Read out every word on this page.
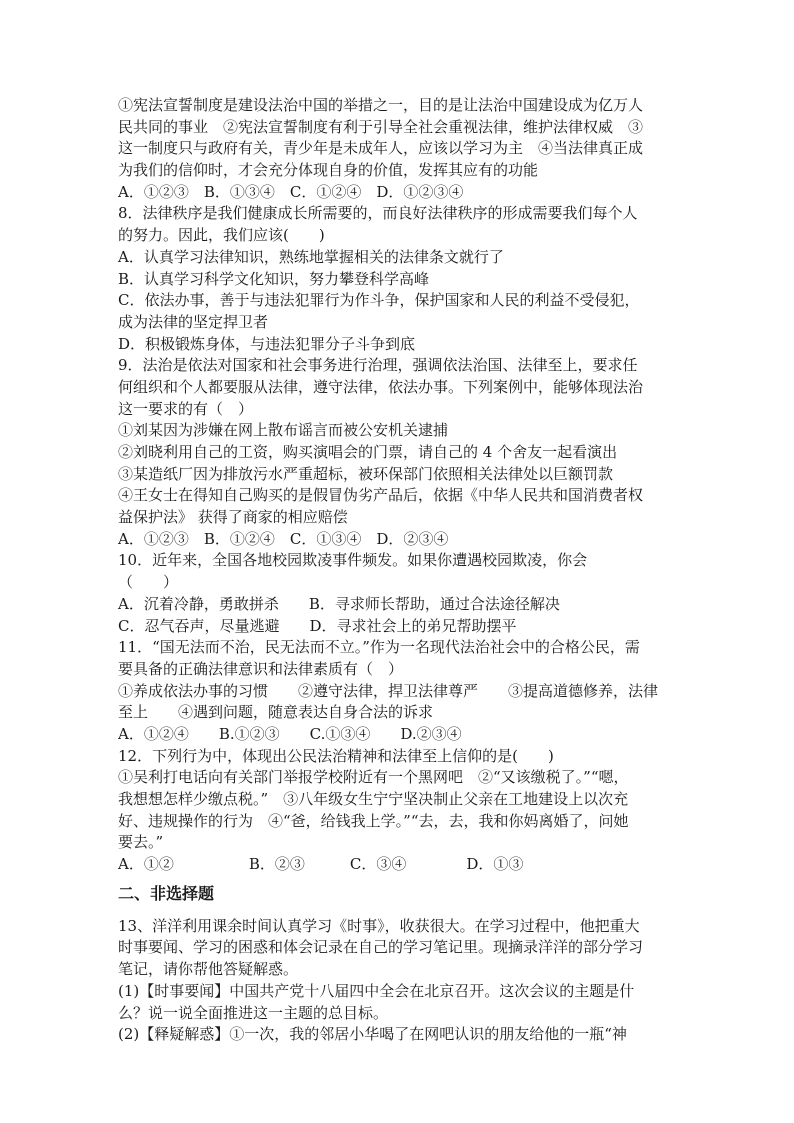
①宪法宣誓制度是建设法治中国的举措之一，目的是让法治中国建设成为亿万人
民共同的事业　②宪法宣誓制度有利于引导全社会重视法律，维护法律权威　③
这一制度只与政府有关，青少年是未成年人，应该以学习为主　④当法律真正成
为我们的信仰时，才会充分体现自身的价值，发挥其应有的功能
A．①②③　B．①③④　C．①②④　D．①②③④
8．法律秩序是我们健康成长所需要的，而良好法律秩序的形成需要我们每个人
的努力。因此，我们应该(　　)
A．认真学习法律知识，熟练地掌握相关的法律条文就行了
B．认真学习科学文化知识，努力攀登科学高峰
C．依法办事，善于与违法犯罪行为作斗争，保护国家和人民的利益不受侵犯，
成为法律的坚定捍卫者
D．积极锻炼身体，与违法犯罪分子斗争到底
9．法治是依法对国家和社会事务进行治理，强调依法治国、法律至上，要求任
何组织和个人都要服从法律，遵守法律，依法办事。下列案例中，能够体现法治
这一要求的有（　）
①刘某因为涉嫌在网上散布谣言而被公安机关逮捕
②刘晓利用自己的工资，购买演唱会的门票，请自己的 4 个舍友一起看演出
③某造纸厂因为排放污水严重超标，被环保部门依照相关法律处以巨额罚款
④王女士在得知自己购买的是假冒伪劣产品后，依据《中华人民共和国消费者权
益保护法》 获得了商家的相应赔偿
A．①②③　B．①②④　C．①③④　D．②③④
10．近年来，全国各地校园欺凌事件频发。如果你遭遇校园欺凌，你会
（　　）
A．沉着冷静，勇敢拼杀　　B．寻求师长帮助，通过合法途径解决
C．忍气吞声，尽量逃避　　D．寻求社会上的弟兄帮助摆平
11．“国无法而不治，民无法而不立。”作为一名现代法治社会中的合格公民，需
要具备的正确法律意识和法律素质有（　）
①养成依法办事的习惯　　②遵守法律，捍卫法律尊严　　③提高道德修养，法律
至上　　④遇到问题，随意表达自身合法的诉求
A．①②④　　B.①②③　　C.①③④　　D.②③④
12．下列行为中，体现出公民法治精神和法律至上信仰的是(　　)
①吴利打电话向有关部门举报学校附近有一个黑网吧　②“又该缴税了。”“嗯，
我想想怎样少缴点税。”　③八年级女生宁宁坚决制止父亲在工地建设上以次充
好、违规操作的行为　④“爸，给钱我上学。”“去，去，我和你妈离婚了，问她
要去。”
A．①②　　　　　B．②③　　　C．③④　　　　D．①③
二、非选择题
13、洋洋利用课余时间认真学习《时事》，收获很大。在学习过程中，他把重大
时事要闻、学习的困惑和体会记录在自己的学习笔记里。现摘录洋洋的部分学习
笔记，请你帮他答疑解惑。
(1)【时事要闻】中国共产党十八届四中全会在北京召开。这次会议的主题是什
么？说一说全面推进这一主题的总目标。
(2)【释疑解惑】①一次，我的邻居小华喝了在网吧认识的朋友给他的一瓶“神
